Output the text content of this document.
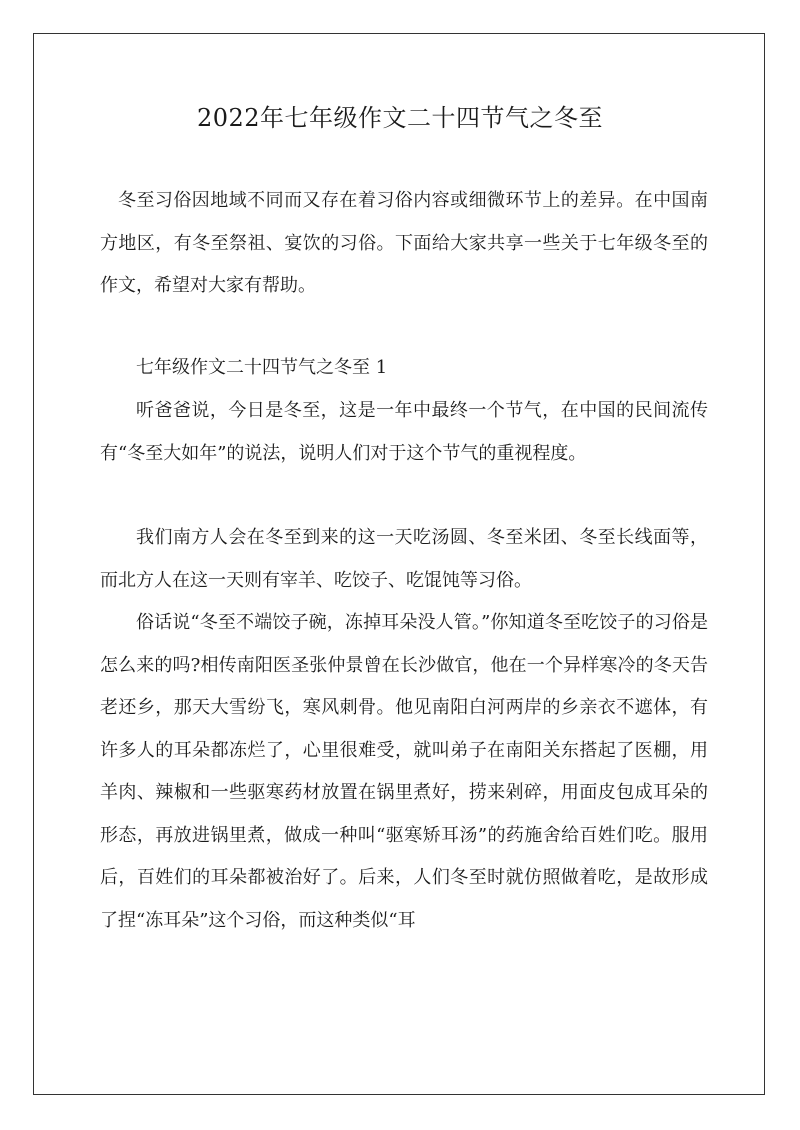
2022年七年级作文二十四节气之冬至

冬至习俗因地域不同而又存在着习俗内容或细微环节上的差异。在中国南方地区，有冬至祭祖、宴饮的习俗。下面给大家共享一些关于七年级冬至的作文，希望对大家有帮助。

七年级作文二十四节气之冬至 1

听爸爸说，今日是冬至，这是一年中最终一个节气，在中国的民间流传有“冬至大如年”的说法，说明人们对于这个节气的重视程度。

我们南方人会在冬至到来的这一天吃汤圆、冬至米团、冬至长线面等，而北方人在这一天则有宰羊、吃饺子、吃馄饨等习俗。

俗话说“冬至不端饺子碗，冻掉耳朵没人管。”你知道冬至吃饺子的习俗是怎么来的吗?相传南阳医圣张仲景曾在长沙做官，他在一个异样寒冷的冬天告老还乡，那天大雪纷飞，寒风刺骨。他见南阳白河两岸的乡亲衣不遮体，有许多人的耳朵都冻烂了，心里很难受，就叫弟子在南阳关东搭起了医棚，用羊肉、辣椒和一些驱寒药材放置在锅里煮好，捞来剁碎，用面皮包成耳朵的形态，再放进锅里煮，做成一种叫“驱寒矫耳汤”的药施舍给百姓们吃。服用后，百姓们的耳朵都被治好了。后来，人们冬至时就仿照做着吃，是故形成了捏“冻耳朵”这个习俗，而这种类似“耳
